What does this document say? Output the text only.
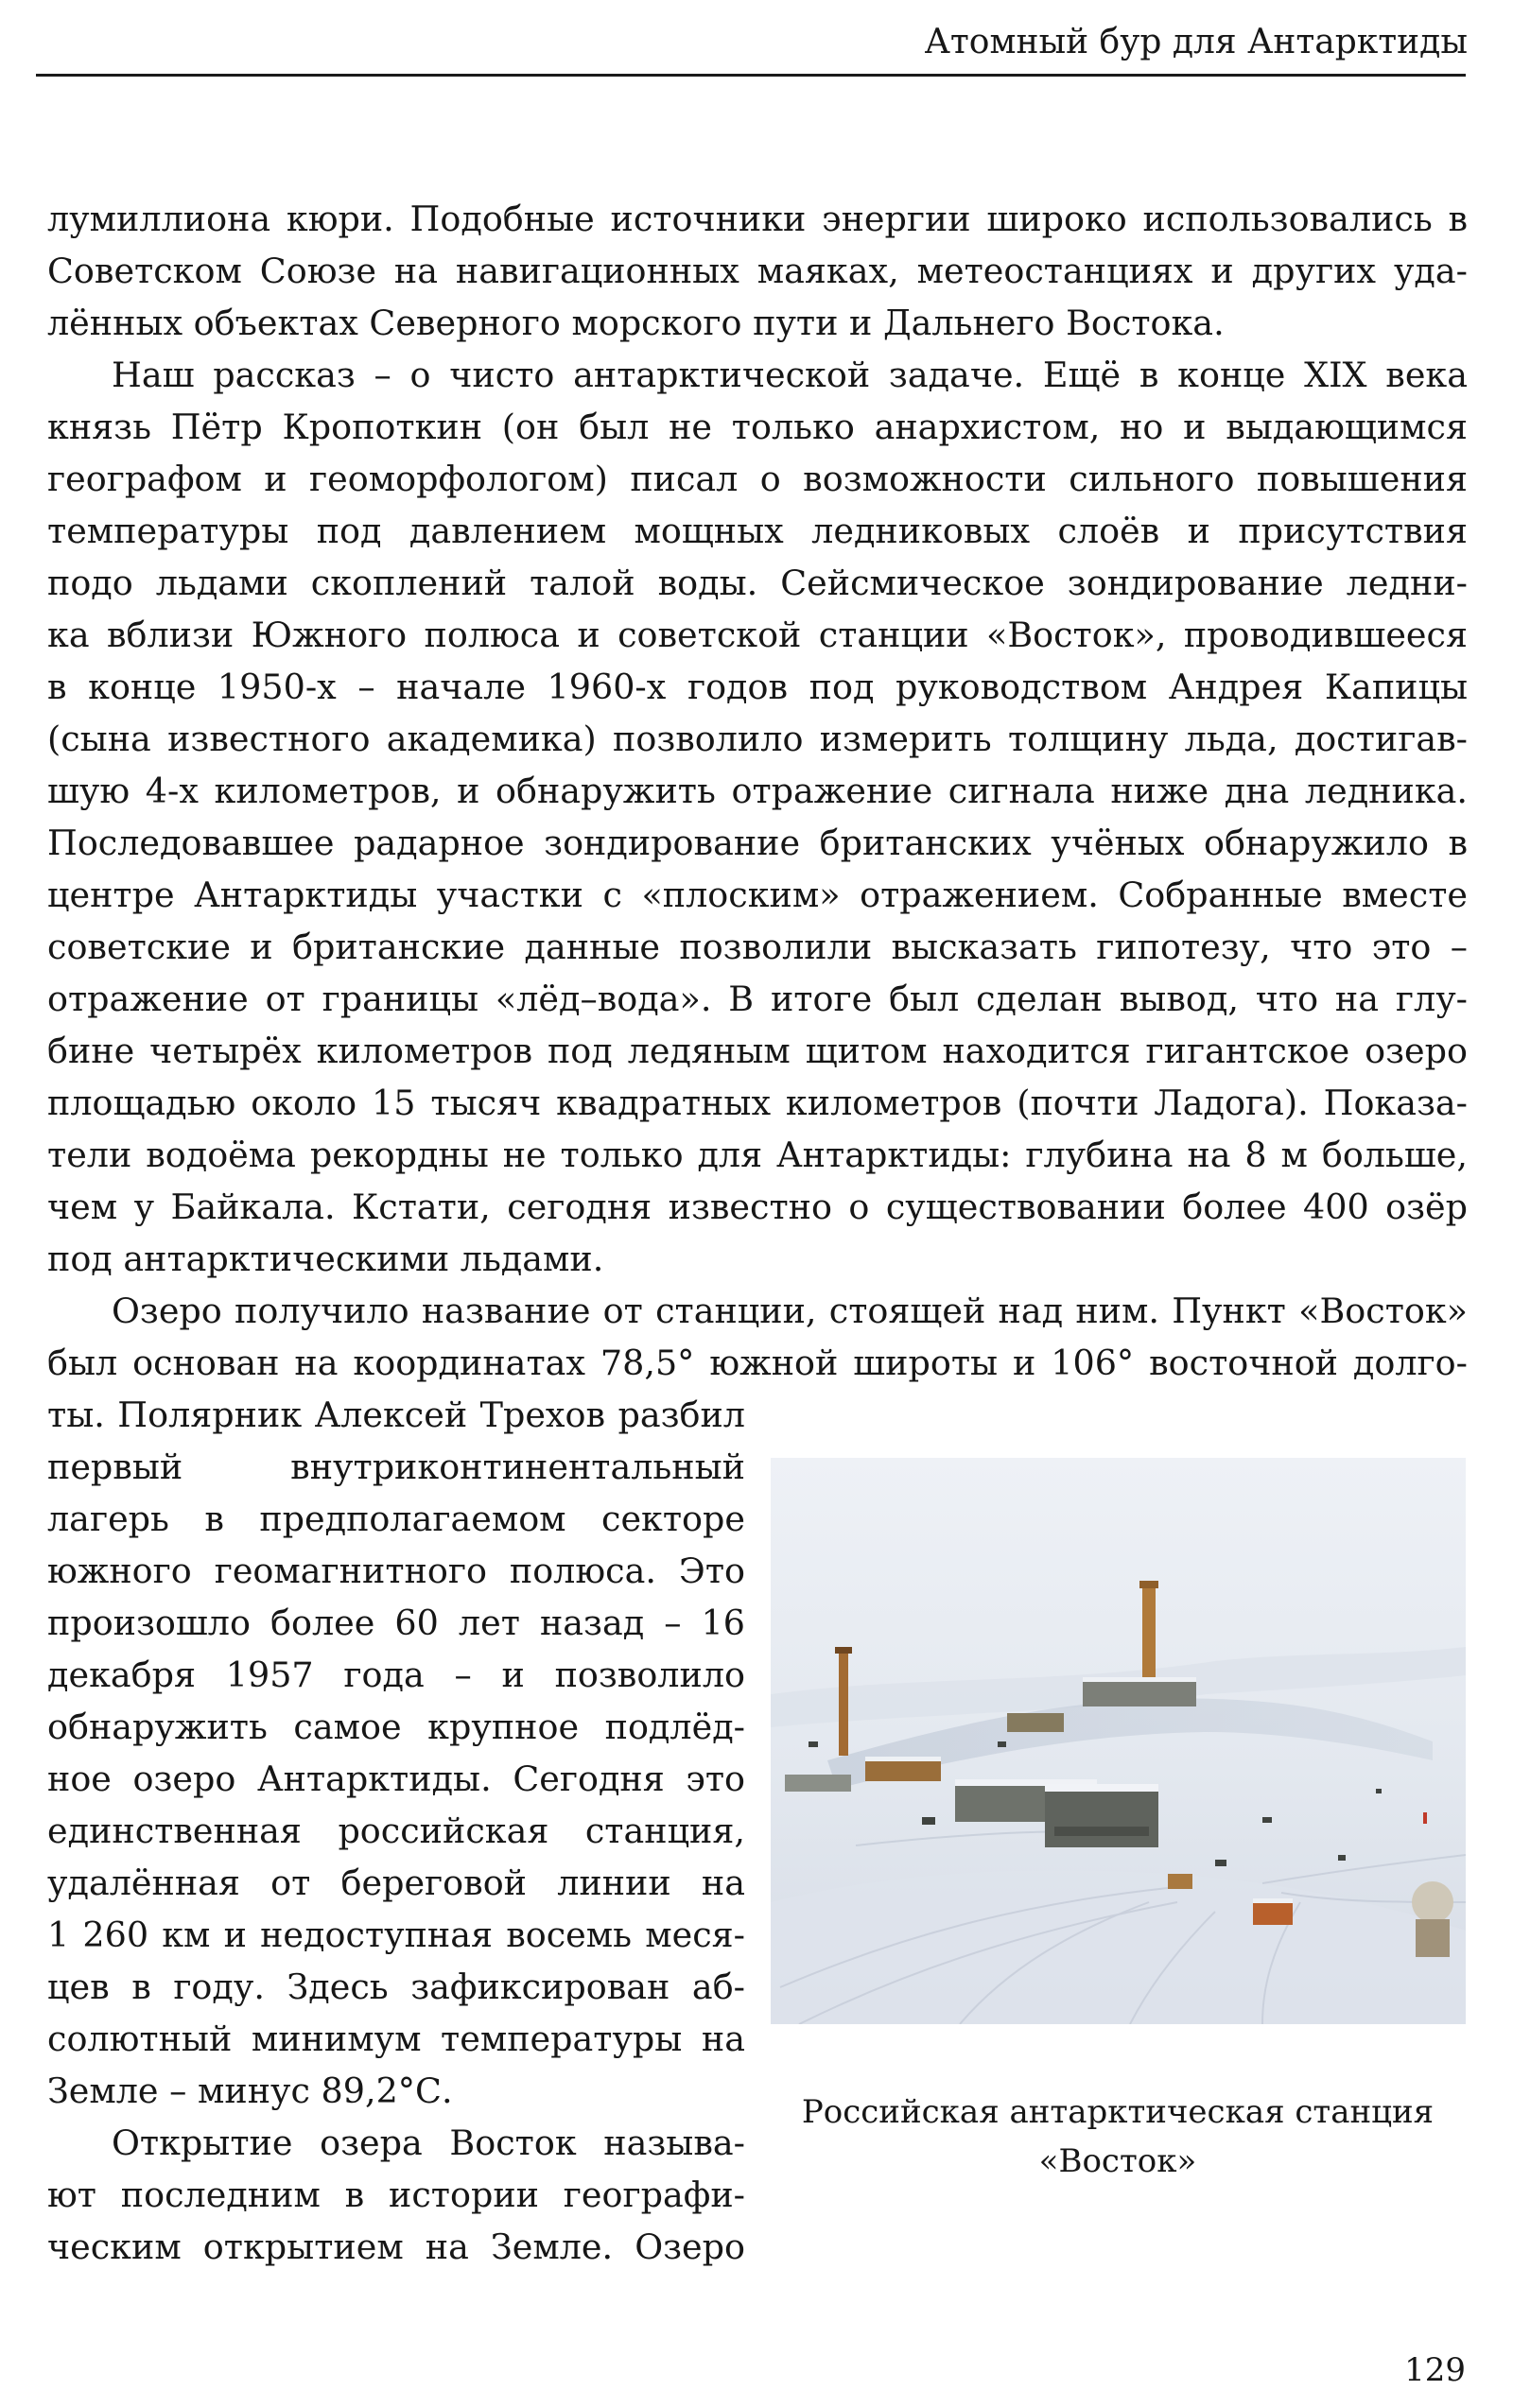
Атомный бур для Антарктиды
лумиллиона кюри. Подобные источники энергии широко использовались в
Советском Союзе на навигационных маяках, метеостанциях и других уда-
лённых объектах Северного морского пути и Дальнего Востока.
Наш рассказ – о чисто антарктической задаче. Ещё в конце XIX века
князь Пётр Кропоткин (он был не только анархистом, но и выдающимся
географом и геоморфологом) писал о возможности сильного повышения
температуры под давлением мощных ледниковых слоёв и присутствия
подо льдами скоплений талой воды. Сейсмическое зондирование ледни-
ка вблизи Южного полюса и советской станции «Восток», проводившееся
в конце 1950-х – начале 1960-х годов под руководством Андрея Капицы
(сына известного академика) позволило измерить толщину льда, достигав-
шую 4-х километров, и обнаружить отражение сигнала ниже дна ледника.
Последовавшее радарное зондирование британских учёных обнаружило в
центре Антарктиды участки с «плоским» отражением. Собранные вместе
советские и британские данные позволили высказать гипотезу, что это –
отражение от границы «лёд–вода». В итоге был сделан вывод, что на глу-
бине четырёх километров под ледяным щитом находится гигантское озеро
площадью около 15 тысяч квадратных километров (почти Ладога). Показа-
тели водоёма рекордны не только для Антарктиды: глубина на 8 м больше,
чем у Байкала. Кстати, сегодня известно о существовании более 400 озёр
под антарктическими льдами.
Озеро получило название от станции, стоящей над ним. Пункт «Восток»
был основан на координатах 78,5° южной широты и 106° восточной долго-
ты. Полярник Алексей Трехов разбил
первый внутриконтинентальный
лагерь в предполагаемом секторе
южного геомагнитного полюса. Это
произошло более 60 лет назад – 16
декабря 1957 года – и позволило
обнаружить самое крупное подлёд-
ное озеро Антарктиды. Сегодня это
единственная российская станция,
удалённая от береговой линии на
1 260 км и недоступная восемь меся-
цев в году. Здесь зафиксирован аб-
солютный минимум температуры на
Земле – минус 89,2°С.
Открытие озера Восток называ-
ют последним в истории географи-
ческим открытием на Земле. Озеро
Российская антарктическая станция
«Восток»
129
